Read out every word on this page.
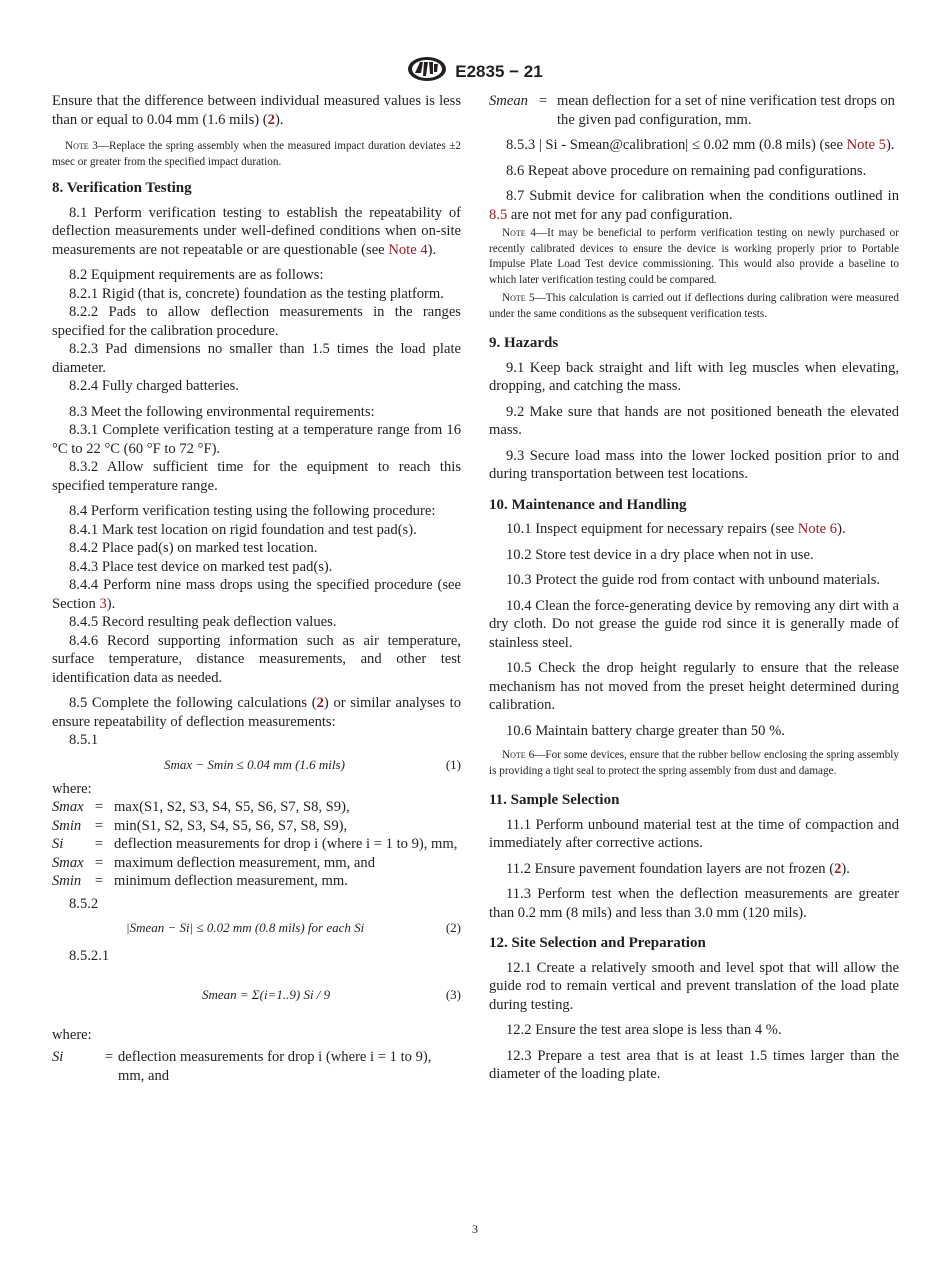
E2835 − 21

Ensure that the difference between individual measured values is less than or equal to 0.04 mm (1.6 mils) (2).

Note 3—Replace the spring assembly when the measured impact duration deviates ±2 msec or greater from the specified impact duration.

8. Verification Testing

8.1 Perform verification testing to establish the repeatability of deflection measurements under well-defined conditions when on-site measurements are not repeatable or are questionable (see Note 4).

8.2 Equipment requirements are as follows:

8.2.1 Rigid (that is, concrete) foundation as the testing platform.

8.2.2 Pads to allow deflection measurements in the ranges specified for the calibration procedure.

8.2.3 Pad dimensions no smaller than 1.5 times the load plate diameter.

8.2.4 Fully charged batteries.

8.3 Meet the following environmental requirements:

8.3.1 Complete verification testing at a temperature range from 16 °C to 22 °C (60 °F to 72 °F).

8.3.2 Allow sufficient time for the equipment to reach this specified temperature range.

8.4 Perform verification testing using the following procedure:

8.4.1 Mark test location on rigid foundation and test pad(s).

8.4.2 Place pad(s) on marked test location.

8.4.3 Place test device on marked test pad(s).

8.4.4 Perform nine mass drops using the specified procedure (see Section 3).

8.4.5 Record resulting peak deflection values.

8.4.6 Record supporting information such as air temperature, surface temperature, distance measurements, and other test identification data as needed.

8.5 Complete the following calculations (2) or similar analyses to ensure repeatability of deflection measurements:

8.5.1

Smax − Smin ≤ 0.04 mm (1.6 mils)	(1)

where:

Smax	=	max(S1, S2, S3, S4, S5, S6, S7, S8, S9),
Smin	=	min(S1, S2, S3, S4, S5, S6, S7, S8, S9),
Si	=	deflection measurements for drop i (where i = 1 to 9), mm,
Smax	=	maximum deflection measurement, mm, and
Smin	=	minimum deflection measurement, mm.

8.5.2

|Smean − Si| ≤ 0.02 mm (0.8 mils) for each Si	(2)

8.5.2.1

Smean = Σ(i=1..9) Si / 9	(3)

where:

Si	=	deflection measurements for drop i (where i = 1 to 9), mm, and
Smean	=	mean deflection for a set of nine verification test drops on the given pad configuration, mm.

8.5.3 | Si - Smean@calibration| ≤ 0.02 mm (0.8 mils) (see Note 5).

8.6 Repeat above procedure on remaining pad configurations.

8.7 Submit device for calibration when the conditions outlined in 8.5 are not met for any pad configuration.

Note 4—It may be beneficial to perform verification testing on newly purchased or recently calibrated devices to ensure the device is working properly prior to Portable Impulse Plate Load Test device commissioning. This would also provide a baseline to which later verification testing could be compared.

Note 5—This calculation is carried out if deflections during calibration were measured under the same conditions as the subsequent verification tests.

9. Hazards

9.1 Keep back straight and lift with leg muscles when elevating, dropping, and catching the mass.

9.2 Make sure that hands are not positioned beneath the elevated mass.

9.3 Secure load mass into the lower locked position prior to and during transportation between test locations.

10. Maintenance and Handling

10.1 Inspect equipment for necessary repairs (see Note 6).

10.2 Store test device in a dry place when not in use.

10.3 Protect the guide rod from contact with unbound materials.

10.4 Clean the force-generating device by removing any dirt with a dry cloth. Do not grease the guide rod since it is generally made of stainless steel.

10.5 Check the drop height regularly to ensure that the release mechanism has not moved from the preset height determined during calibration.

10.6 Maintain battery charge greater than 50 %.

Note 6—For some devices, ensure that the rubber bellow enclosing the spring assembly is providing a tight seal to protect the spring assembly from dust and damage.

11. Sample Selection

11.1 Perform unbound material test at the time of compaction and immediately after corrective actions.

11.2 Ensure pavement foundation layers are not frozen (2).

11.3 Perform test when the deflection measurements are greater than 0.2 mm (8 mils) and less than 3.0 mm (120 mils).

12. Site Selection and Preparation

12.1 Create a relatively smooth and level spot that will allow the guide rod to remain vertical and prevent translation of the load plate during testing.

12.2 Ensure the test area slope is less than 4 %.

12.3 Prepare a test area that is at least 1.5 times larger than the diameter of the loading plate.

3
